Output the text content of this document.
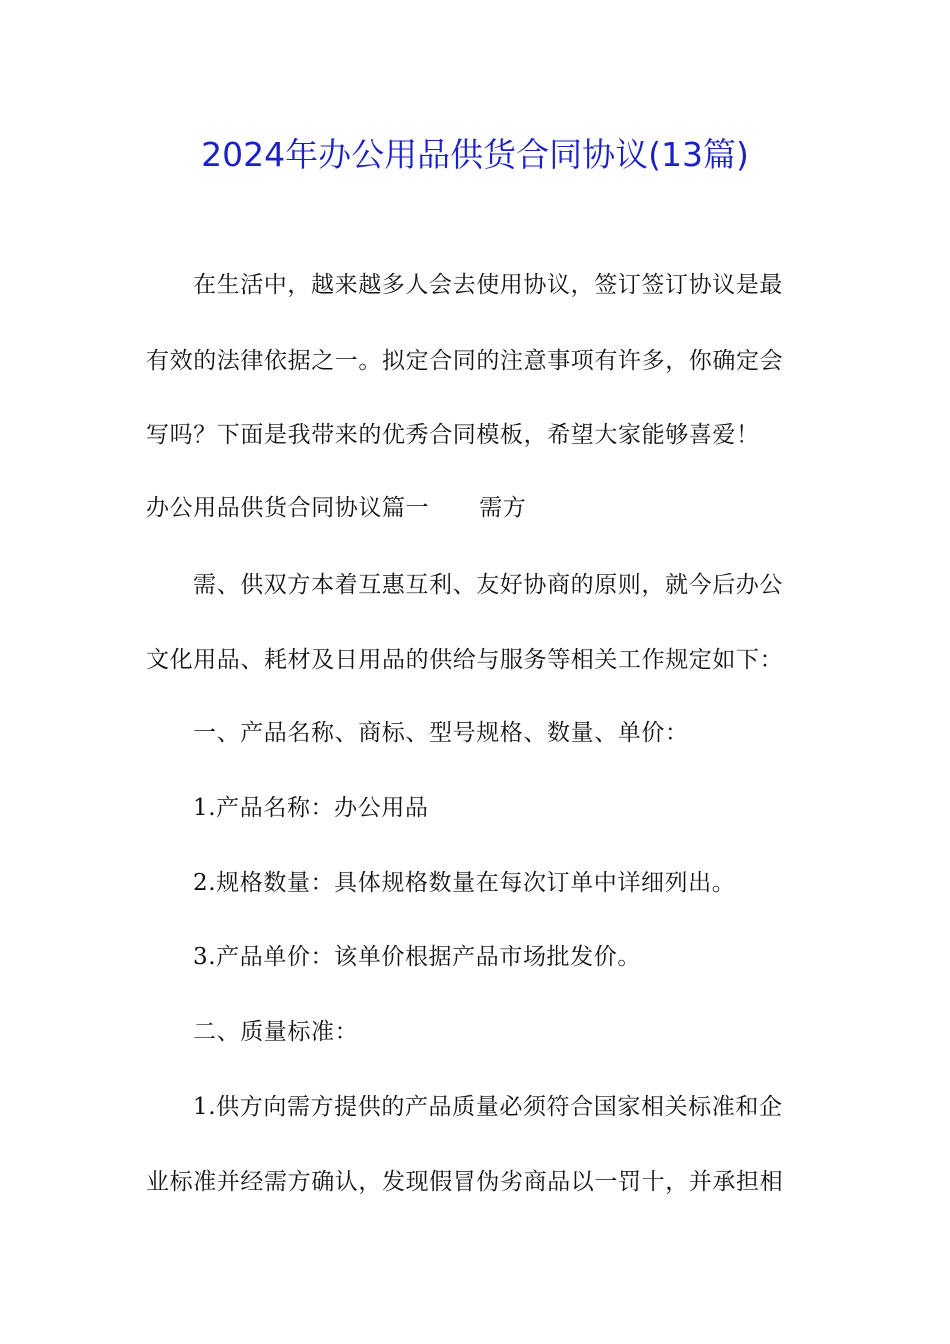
2024年办公用品供货合同协议(13篇)
在生活中，越来越多人会去使用协议，签订签订协议是最
有效的法律依据之一。拟定合同的注意事项有许多，你确定会
写吗？下面是我带来的优秀合同模板，希望大家能够喜爱！
办公用品供货合同协议篇一 需方
需、供双方本着互惠互利、友好协商的原则，就今后办公
文化用品、耗材及日用品的供给与服务等相关工作规定如下：
一、产品名称、商标、型号规格、数量、单价：
1.产品名称：办公用品
2.规格数量：具体规格数量在每次订单中详细列出。
3.产品单价：该单价根据产品市场批发价。
二、质量标准：
1.供方向需方提供的产品质量必须符合国家相关标准和企
业标准并经需方确认，发现假冒伪劣商品以一罚十，并承担相
